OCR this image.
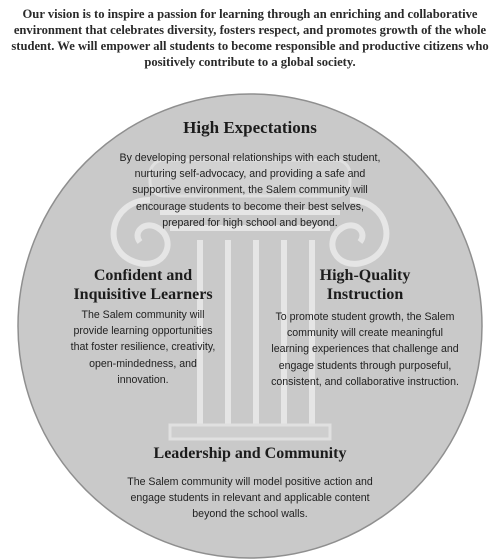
Our vision is to inspire a passion for learning through an enriching and collaborative environment that celebrates diversity, fosters respect, and promotes growth of the whole student. We will empower all students to become responsible and productive citizens who positively contribute to a global society.
High Expectations
By developing personal relationships with each student,
nurturing self-advocacy, and providing a safe and
supportive environment, the Salem community will
encourage students to become their best selves,
prepared for high school and beyond.
Confident and
Inquisitive Learners
The Salem community will
provide learning opportunities
that foster resilience, creativity,
open-mindedness, and
innovation.
High-Quality
Instruction
To promote student growth, the Salem
community will create meaningful
learning experiences that challenge and
engage students through purposeful,
consistent, and collaborative instruction.
Leadership and Community
The Salem community will model positive action and
engage students in relevant and applicable content
beyond the school walls.
